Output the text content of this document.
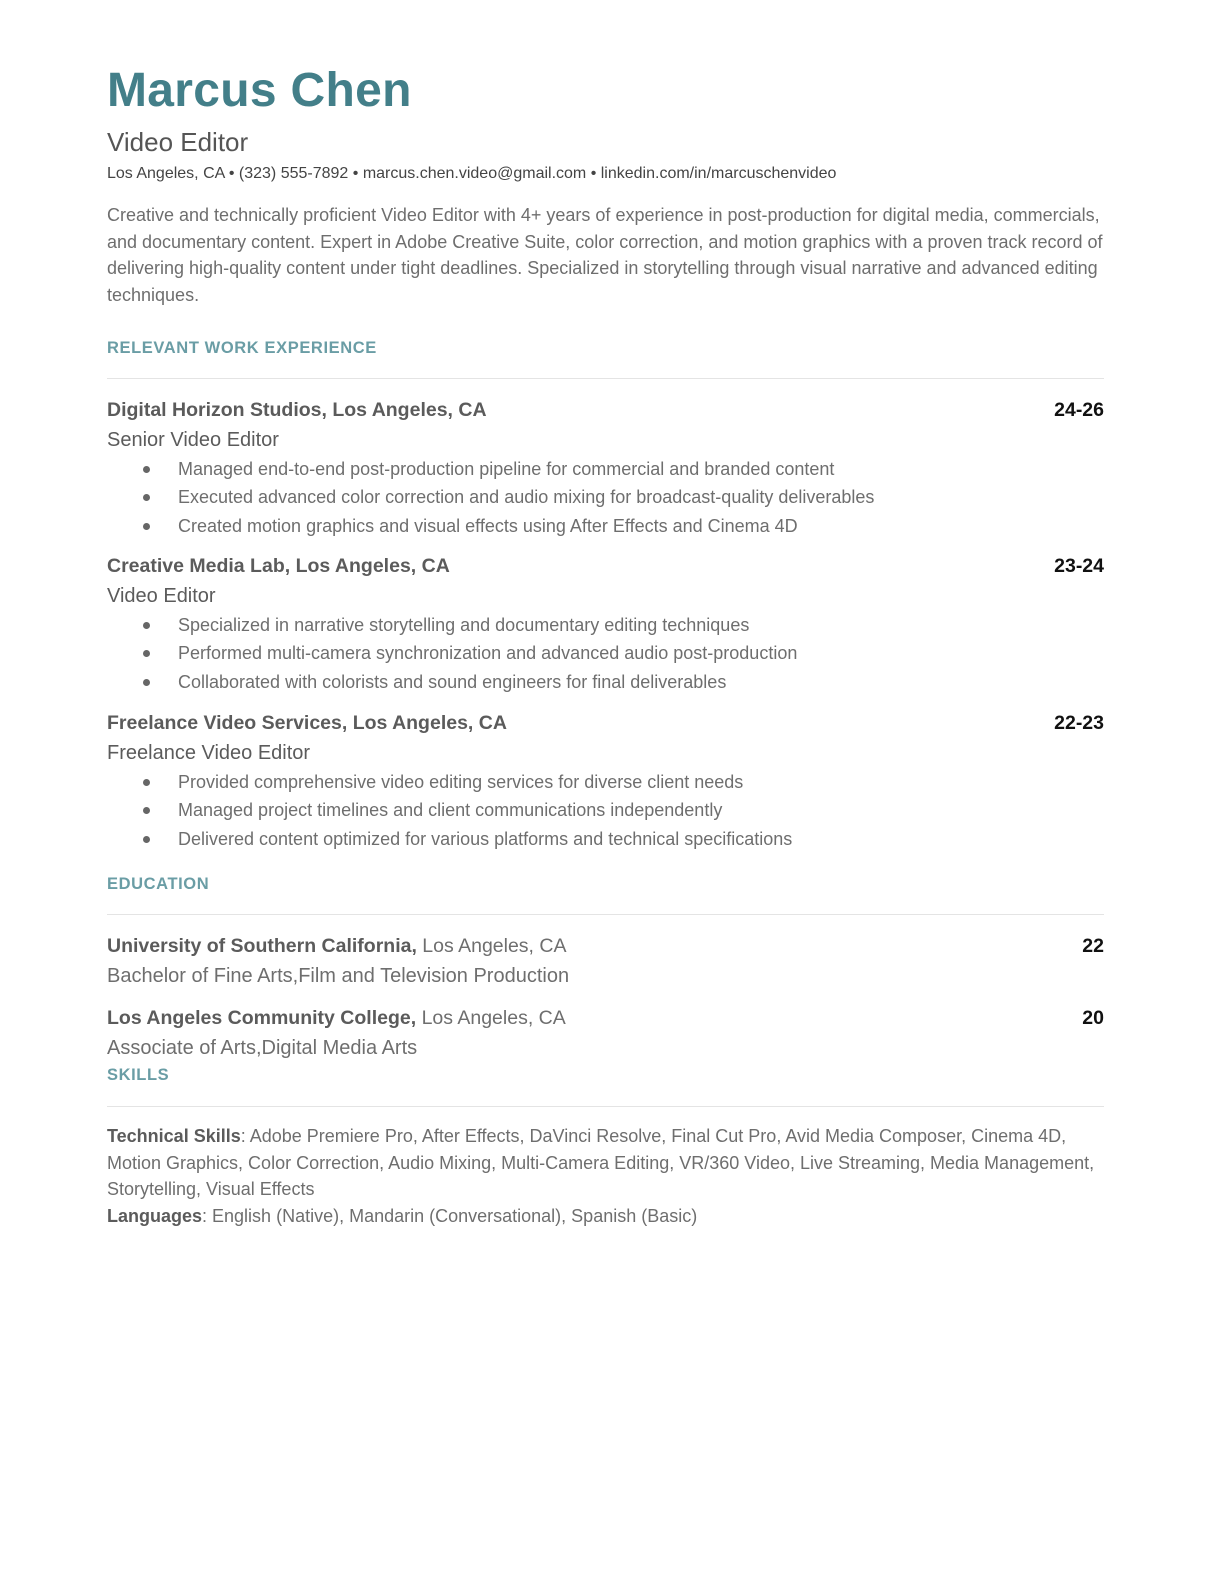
Marcus Chen
Video Editor
Los Angeles, CA • (323) 555-7892 • marcus.chen.video@gmail.com • linkedin.com/in/marcuschenvideo

Creative and technically proficient Video Editor with 4+ years of experience in post-production for digital media, commercials, and documentary content. Expert in Adobe Creative Suite, color correction, and motion graphics with a proven track record of delivering high-quality content under tight deadlines. Specialized in storytelling through visual narrative and advanced editing techniques.

RELEVANT WORK EXPERIENCE
Digital Horizon Studios, Los Angeles, CA	24-26
Senior Video Editor
Managed end-to-end post-production pipeline for commercial and branded content
Executed advanced color correction and audio mixing for broadcast-quality deliverables
Created motion graphics and visual effects using After Effects and Cinema 4D
Creative Media Lab, Los Angeles, CA	23-24
Video Editor
Specialized in narrative storytelling and documentary editing techniques
Performed multi-camera synchronization and advanced audio post-production
Collaborated with colorists and sound engineers for final deliverables
Freelance Video Services, Los Angeles, CA	22-23
Freelance Video Editor
Provided comprehensive video editing services for diverse client needs
Managed project timelines and client communications independently
Delivered content optimized for various platforms and technical specifications
EDUCATION
University of Southern California, Los Angeles, CA	22
Bachelor of Fine Arts,Film and Television Production
Los Angeles Community College, Los Angeles, CA	20
Associate of Arts,Digital Media Arts
SKILLS

Technical Skills: Adobe Premiere Pro, After Effects, DaVinci Resolve, Final Cut Pro, Avid Media Composer, Cinema 4D, Motion Graphics, Color Correction, Audio Mixing, Multi-Camera Editing, VR/360 Video, Live Streaming, Media Management, Storytelling, Visual Effects
Languages: English (Native), Mandarin (Conversational), Spanish (Basic)
